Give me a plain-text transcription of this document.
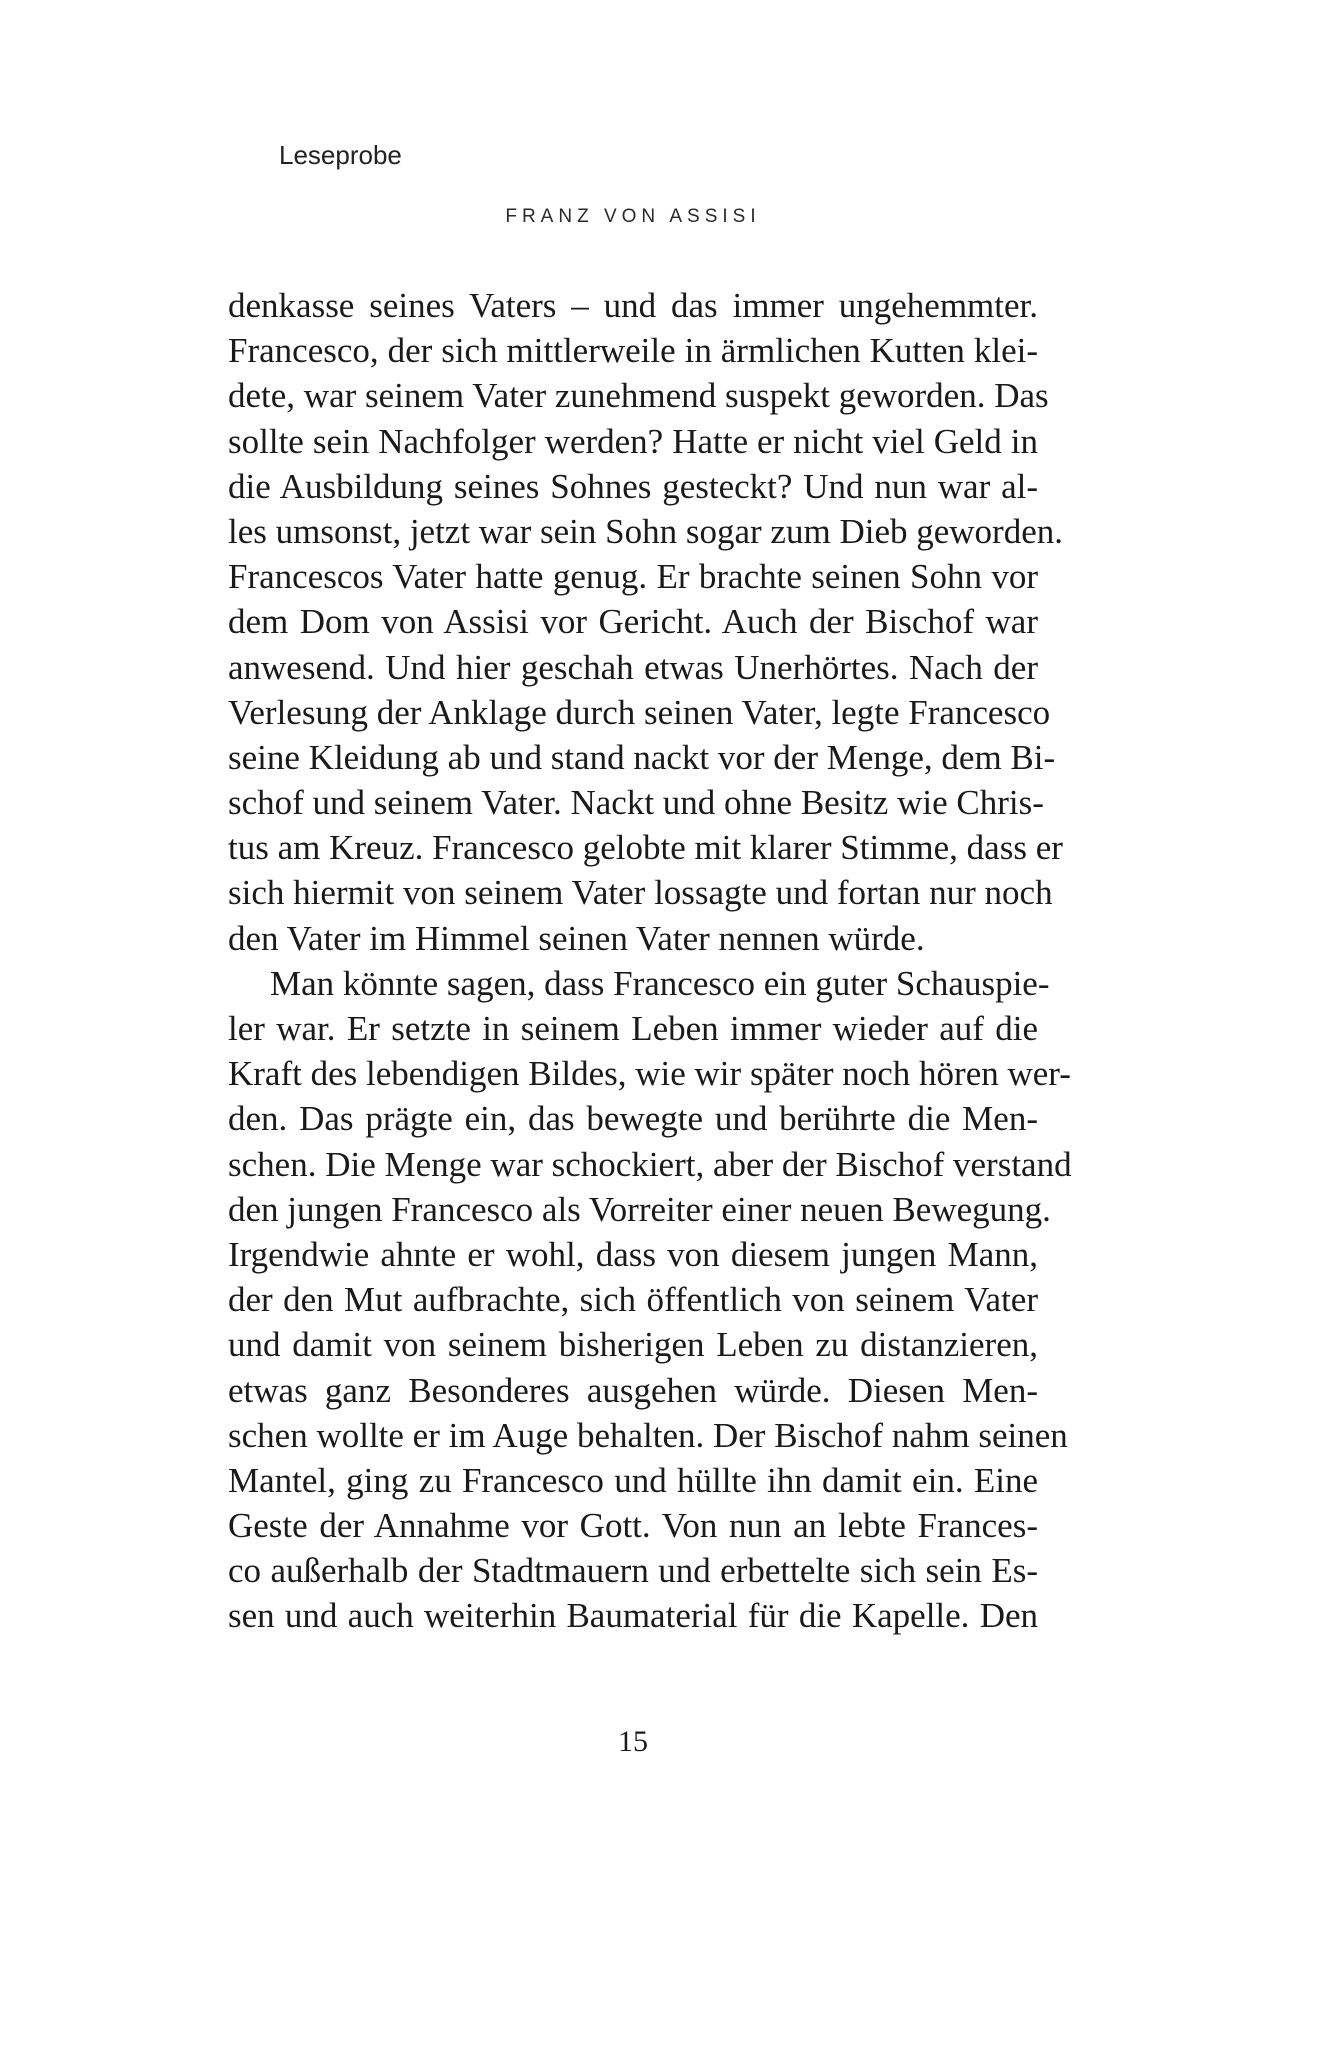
Leseprobe
FRANZ VON ASSISI
denkasse seines Vaters – und das immer ungehemmter.
Francesco, der sich mittlerweile in ärmlichen Kutten klei-
dete, war seinem Vater zunehmend suspekt geworden. Das
sollte sein Nachfolger werden? Hatte er nicht viel Geld in
die Ausbildung seines Sohnes gesteckt? Und nun war al-
les umsonst, jetzt war sein Sohn sogar zum Dieb geworden.
Francescos Vater hatte genug. Er brachte seinen Sohn vor
dem Dom von Assisi vor Gericht. Auch der Bischof war
anwesend. Und hier geschah etwas Unerhörtes. Nach der
Verlesung der Anklage durch seinen Vater, legte Francesco
seine Kleidung ab und stand nackt vor der Menge, dem Bi-
schof und seinem Vater. Nackt und ohne Besitz wie Chris-
tus am Kreuz. Francesco gelobte mit klarer Stimme, dass er
sich hiermit von seinem Vater lossagte und fortan nur noch
den Vater im Himmel seinen Vater nennen würde.
Man könnte sagen, dass Francesco ein guter Schauspie-
ler war. Er setzte in seinem Leben immer wieder auf die
Kraft des lebendigen Bildes, wie wir später noch hören wer-
den. Das prägte ein, das bewegte und berührte die Men-
schen. Die Menge war schockiert, aber der Bischof verstand
den jungen Francesco als Vorreiter einer neuen Bewegung.
Irgendwie ahnte er wohl, dass von diesem jungen Mann,
der den Mut aufbrachte, sich öffentlich von seinem Vater
und damit von seinem bisherigen Leben zu distanzieren,
etwas ganz Besonderes ausgehen würde. Diesen Men-
schen wollte er im Auge behalten. Der Bischof nahm seinen
Mantel, ging zu Francesco und hüllte ihn damit ein. Eine
Geste der Annahme vor Gott. Von nun an lebte Frances-
co außerhalb der Stadtmauern und erbettelte sich sein Es-
sen und auch weiterhin Baumaterial für die Kapelle. Den
15
